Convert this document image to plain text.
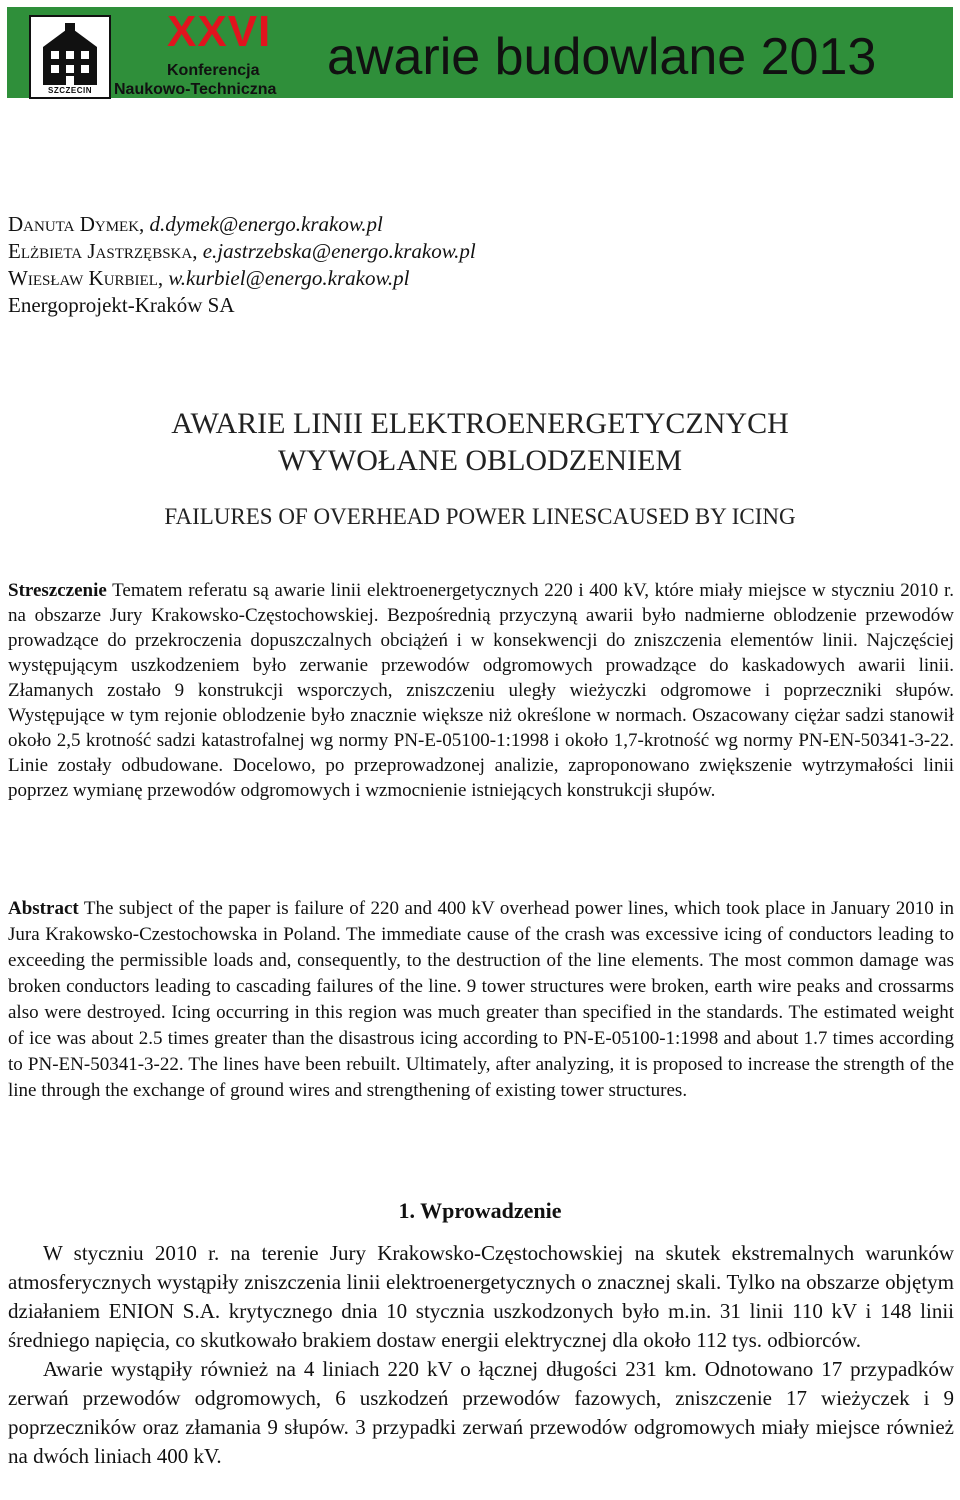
SZCZECIN
XXVI
Konferencja
Naukowo-Techniczna
awarie budowlane 2013
Danuta Dymek, d.dymek@energo.krakow.pl
Elżbieta Jastrzębska, e.jastrzebska@energo.krakow.pl
Wiesław Kurbiel, w.kurbiel@energo.krakow.pl
Energoprojekt-Kraków SA
AWARIE LINII ELEKTROENERGETYCZNYCH
WYWOŁANE OBLODZENIEM
FAILURES OF OVERHEAD POWER LINESCAUSED BY ICING
Streszczenie Tematem referatu są awarie linii elektroenergetycznych 220 i 400 kV, które miały miejsce w styczniu 2010 r. na obszarze Jury Krakowsko-Częstochowskiej. Bezpośrednią przyczyną awarii było nadmierne oblodzenie przewodów prowadzące do przekroczenia dopuszczalnych obciążeń i w konsekwencji do zniszczenia elementów linii. Najczęściej występującym uszkodzeniem było zerwanie przewodów odgromowych prowadzące do kaskadowych awarii linii. Złamanych zostało 9 konstrukcji wsporczych, zniszczeniu uległy wieżyczki odgromowe i poprzeczniki słupów. Występujące w tym rejonie oblodzenie było znacznie większe niż określone w normach. Oszacowany ciężar sadzi stanowił około 2,5 krotność sadzi katastrofalnej wg normy PN-E-05100-1:1998 i około 1,7-krotność wg normy PN-EN-50341-3-22. Linie zostały odbudowane. Docelowo, po przeprowadzonej analizie, zaproponowano zwiększenie wytrzymałości linii poprzez wymianę przewodów odgromowych i wzmocnienie istniejących konstrukcji słupów.
Abstract The subject of the paper is failure of 220 and 400 kV overhead power lines, which took place in January 2010 in Jura Krakowsko-Czestochowska in Poland. The immediate cause of the crash was excessive icing of conductors leading to exceeding the permissible loads and, consequently, to the destruction of the line elements. The most common damage was broken conductors leading to cascading failures of the line. 9 tower structures were broken, earth wire peaks and crossarms also were destroyed. Icing occurring in this region was much greater than specified in the standards. The estimated weight of ice was about 2.5 times greater than the disastrous icing according to PN-E-05100-1:1998 and about 1.7 times according to PN-EN-50341-3-22. The lines have been rebuilt. Ultimately, after analyzing, it is proposed to increase the strength of the line through the exchange of ground wires and strengthening of existing tower structures.
1. Wprowadzenie

W styczniu 2010 r. na terenie Jury Krakowsko-Częstochowskiej na skutek ekstremalnych warunków atmosferycznych wystąpiły zniszczenia linii elektroenergetycznych o znacznej skali. Tylko na obszarze objętym działaniem ENION S.A. krytycznego dnia 10 stycznia uszkodzonych było m.in. 31 linii 110 kV i 148 linii średniego napięcia, co skutkowało brakiem dostaw energii elektrycznej dla około 112 tys. odbiorców.

Awarie wystąpiły również na 4 liniach 220 kV o łącznej długości 231 km. Odnotowano 17 przypadków zerwań przewodów odgromowych, 6 uszkodzeń przewodów fazowych, zniszczenie 17 wieżyczek i 9 poprzeczników oraz złamania 9 słupów. 3 przypadki zerwań przewodów odgromowych miały miejsce również na dwóch liniach 400 kV.
